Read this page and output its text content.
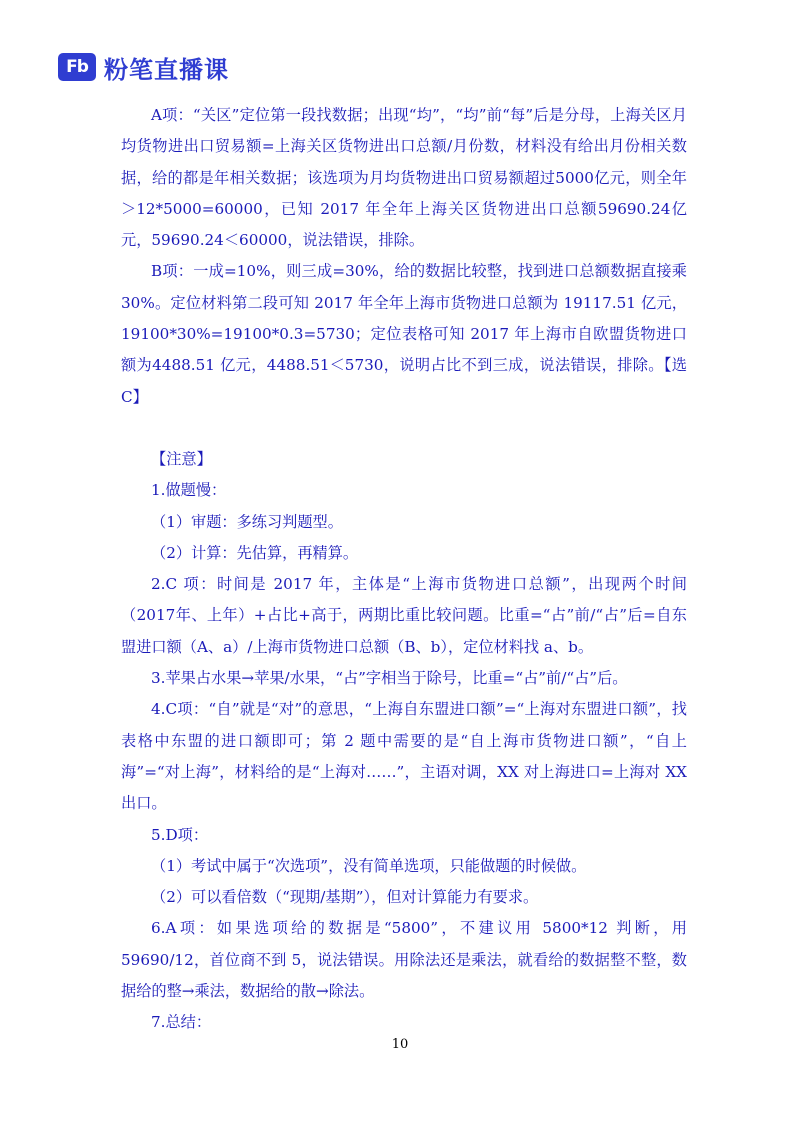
Fb 粉笔直播课

A项：“关区”定位第一段找数据；出现“均”，“均”前“每”后是分母，上海关区月均货物进出口贸易额=上海关区货物进出口总额/月份数，材料没有给出月份相关数据，给的都是年相关数据；该选项为月均货物进出口贸易额超过5000亿元，则全年＞12*5000=60000，已知 2017 年全年上海关区货物进出口总额59690.24亿元，59690.24＜60000，说法错误，排除。

B项：一成=10%，则三成=30%，给的数据比较整，找到进口总额数据直接乘30%。定位材料第二段可知 2017 年全年上海市货物进口总额为 19117.51 亿元，19100*30%=19100*0.3=5730；定位表格可知 2017 年上海市自欧盟货物进口额为4488.51 亿元，4488.51＜5730，说明占比不到三成，说法错误，排除。【选 C】

【注意】

1.做题慢：

（1）审题：多练习判题型。

（2）计算：先估算，再精算。

2.C 项：时间是 2017 年，主体是“上海市货物进口总额”，出现两个时间（2017年、上年）+占比+高于，两期比重比较问题。比重=“占”前/“占”后=自东盟进口额（A、a）/上海市货物进口总额（B、b），定位材料找 a、b。

3.苹果占水果→苹果/水果，“占”字相当于除号，比重=“占”前/“占”后。

4.C项：“自”就是“对”的意思，“上海自东盟进口额”=“上海对东盟进口额”，找表格中东盟的进口额即可；第 2 题中需要的是“自上海市货物进口额”，“自上海”=“对上海”，材料给的是“上海对……”，主语对调，XX 对上海进口=上海对 XX 出口。

5.D项：

（1）考试中属于“次选项”，没有简单选项，只能做题的时候做。

（2）可以看倍数（“现期/基期”），但对计算能力有要求。

6.A项：如果选项给的数据是“5800”，不建议用 5800*12 判断，用 59690/12，首位商不到 5，说法错误。用除法还是乘法，就看给的数据整不整，数据给的整→乘法，数据给的散→除法。

7.总结：

10
